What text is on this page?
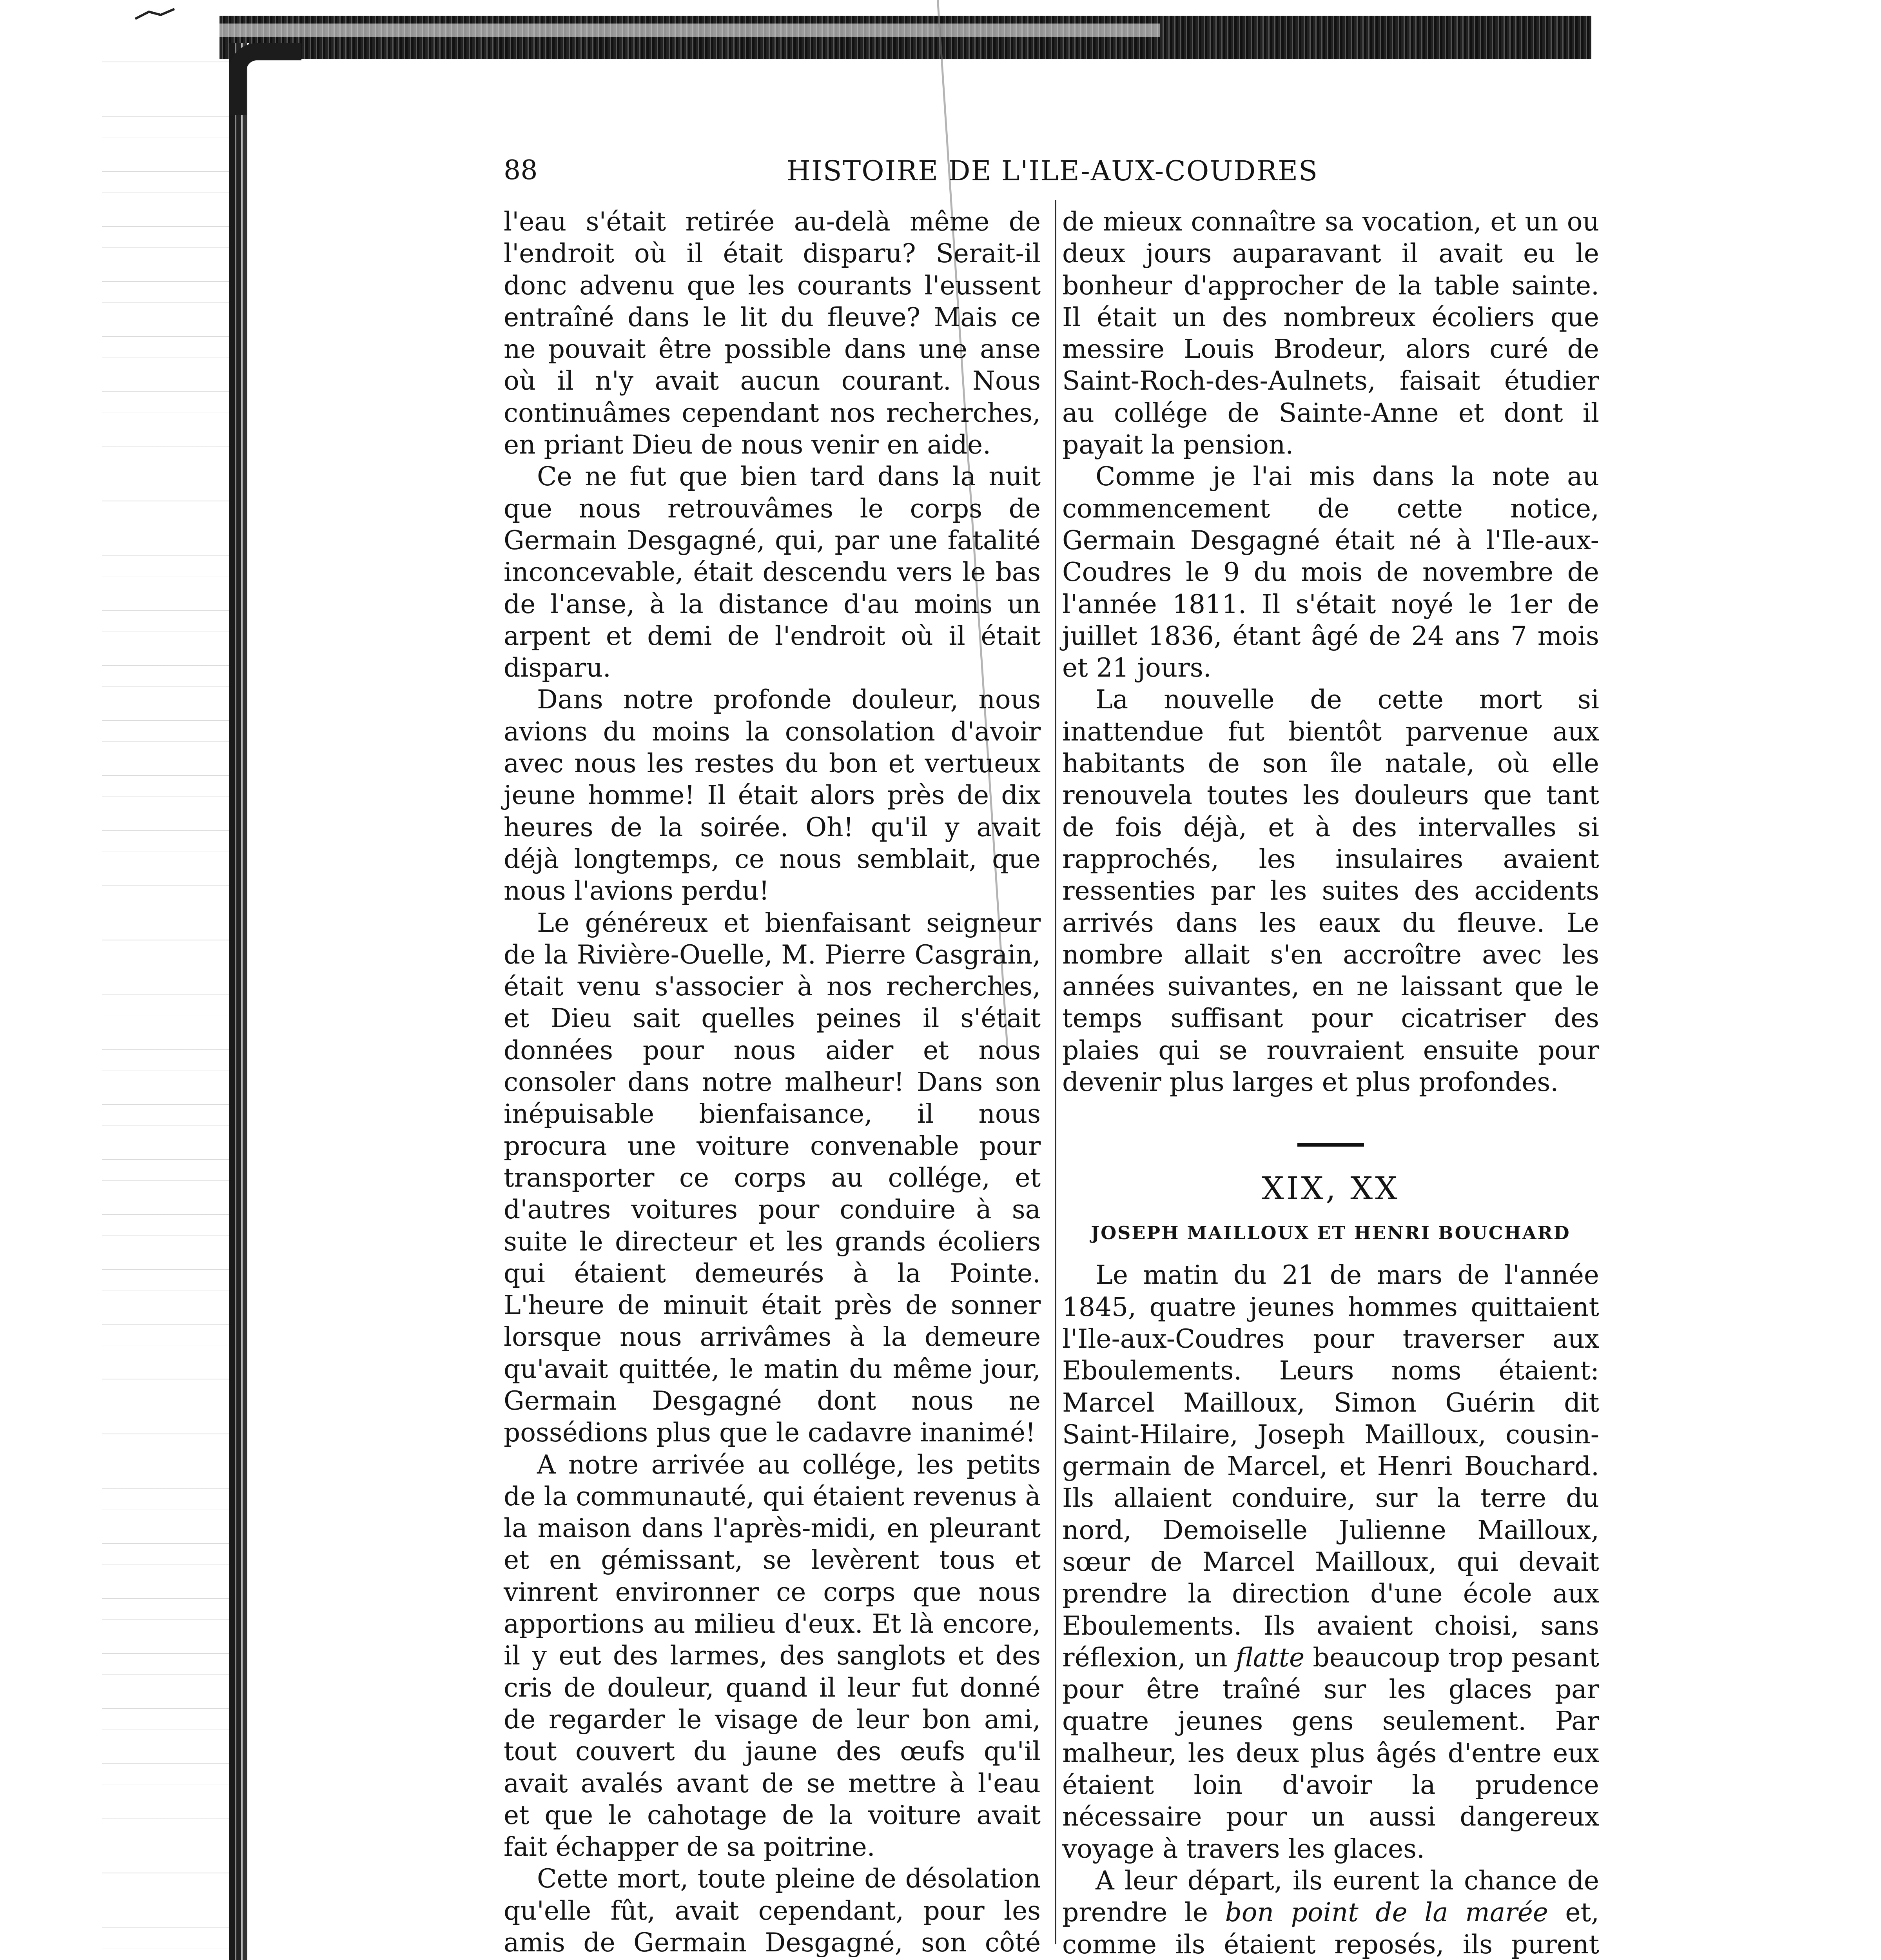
88	HISTOIRE DE L'ILE-AUX-COUDRES

l'eau s'était retirée au-delà même de l'endroit où il était disparu? Serait-il donc advenu que les courants l'eussent entraîné dans le lit du fleuve? Mais ce ne pouvait être possible dans une anse où il n'y avait aucun courant. Nous continuâmes cependant nos recherches, en priant Dieu de nous venir en aide.

Ce ne fut que bien tard dans la nuit que nous retrouvâmes le corps de Germain Desgagné, qui, par une fatalité inconcevable, était descendu vers le bas de l'anse, à la distance d'au moins un arpent et demi de l'endroit où il était disparu.

Dans notre profonde douleur, nous avions du moins la consolation d'avoir avec nous les restes du bon et vertueux jeune homme! Il était alors près de dix heures de la soirée. Oh! qu'il y avait déjà longtemps, ce nous semblait, que nous l'avions perdu!

Le généreux et bienfaisant seigneur de la Rivière-Ouelle, M. Pierre Casgrain, était venu s'associer à nos recherches, et Dieu sait quelles peines il s'était données pour nous aider et nous consoler dans notre malheur! Dans son inépuisable bienfaisance, il nous procura une voiture convenable pour transporter ce corps au collége, et d'autres voitures pour conduire à sa suite le directeur et les grands écoliers qui étaient demeurés à la Pointe. L'heure de minuit était près de sonner lorsque nous arrivâmes à la demeure qu'avait quittée, le matin du même jour, Germain Desgagné dont nous ne possédions plus que le cadavre inanimé!

A notre arrivée au collége, les petits de la communauté, qui étaient revenus à la maison dans l'après-midi, en pleurant et en gémissant, se levèrent tous et vinrent environner ce corps que nous apportions au milieu d'eux. Et là encore, il y eut des larmes, des sanglots et des cris de douleur, quand il leur fut donné de regarder le visage de leur bon ami, tout couvert du jaune des œufs qu'il avait avalés avant de se mettre à l'eau et que le cahotage de la voiture avait fait échapper de sa poitrine.

Cette mort, toute pleine de désolation qu'elle fût, avait cependant, pour les amis de Germain Desgagné, son côté

de mieux connaître sa vocation, et un ou deux jours auparavant il avait eu le bonheur d'approcher de la table sainte. Il était un des nombreux écoliers que messire Louis Brodeur, alors curé de Saint-Roch-des-Aulnets, faisait étudier au collége de Sainte-Anne et dont il payait la pension.

Comme je l'ai mis dans la note au commencement de cette notice, Germain Desgagné était né à l'Ile-aux-Coudres le 9 du mois de novembre de l'année 1811. Il s'était noyé le 1er de juillet 1836, étant âgé de 24 ans 7 mois et 21 jours.

La nouvelle de cette mort si inattendue fut bientôt parvenue aux habitants de son île natale, où elle renouvela toutes les douleurs que tant de fois déjà, et à des intervalles si rapprochés, les insulaires avaient ressenties par les suites des accidents arrivés dans les eaux du fleuve. Le nombre allait s'en accroître avec les années suivantes, en ne laissant que le temps suffisant pour cicatriser des plaies qui se rouvraient ensuite pour devenir plus larges et plus profondes.

XIX, XX
JOSEPH MAILLOUX ET HENRI BOUCHARD

Le matin du 21 de mars de l'année 1845, quatre jeunes hommes quittaient l'Ile-aux-Coudres pour traverser aux Eboulements. Leurs noms étaient: Marcel Mailloux, Simon Guérin dit Saint-Hilaire, Joseph Mailloux, cousin-germain de Marcel, et Henri Bouchard. Ils allaient conduire, sur la terre du nord, Demoiselle Julienne Mailloux, sœur de Marcel Mailloux, qui devait prendre la direction d'une école aux Eboulements. Ils avaient choisi, sans réflexion, un flatte beaucoup trop pesant pour être traîné sur les glaces par quatre jeunes gens seulement. Par malheur, les deux plus âgés d'entre eux étaient loin d'avoir la prudence nécessaire pour un aussi dangereux voyage à travers les glaces.

A leur départ, ils eurent la chance de prendre le bon point de la marée et, comme ils étaient reposés, ils purent
